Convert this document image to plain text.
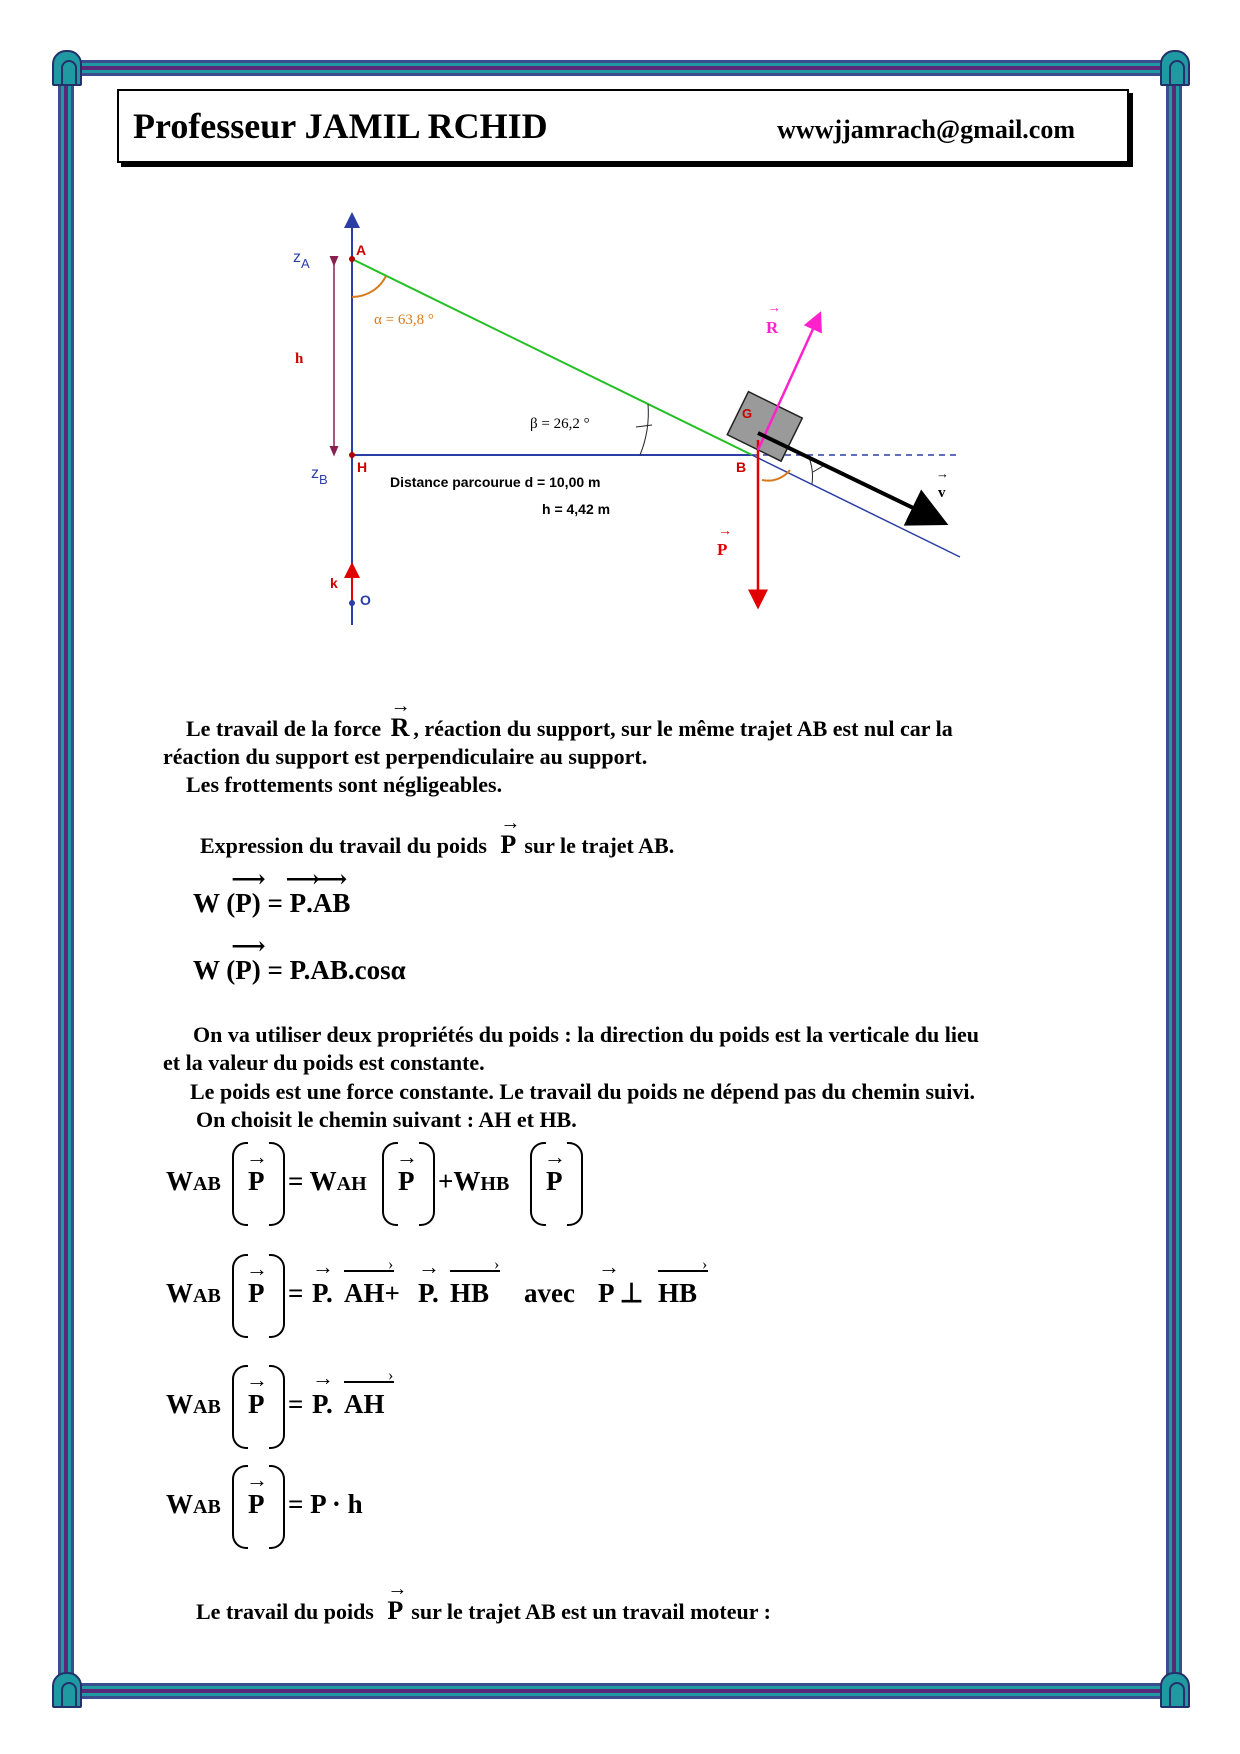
Professeur JAMIL RCHID	wwwjjamrach@gmail.com
$z_A$
$z_B$
A
H	B
G
O
k
h
α = 63,8 °
β = 26,2 °
Distance parcourue d = 10,00 m
h = 4,42 m
R
→
P
→
v
→
Le travail de la force
→
R , réaction du support, sur le même trajet AB est nul car la
réaction du support est perpendiculaire au support.
Les frottements sont négligeables.
Expression du travail du poids
→
P sur le trajet AB.
W (
⟶
P) =
⟶
P.
⟶
AB
W (
⟶
P) = P.AB.cosα
On va utiliser deux propriétés du poids : la direction du poids est la verticale du lieu
et la valeur du poids est constante.
Le poids est une force constante. Le travail du poids ne dépend pas du chemin suivi.
On choisit le chemin suivant : AH et HB.
WAB P
→
= WAH P
→
+WHB P
→
WAB P
→
=
→
P.
›
AH+
→
P.
›
HB avec
→
P ⊥
›
HB
WAB P
→
=
→
P.
›
AH
WAB P
→
= P · h
Le travail du poids
→
P sur le trajet AB est un travail moteur :
